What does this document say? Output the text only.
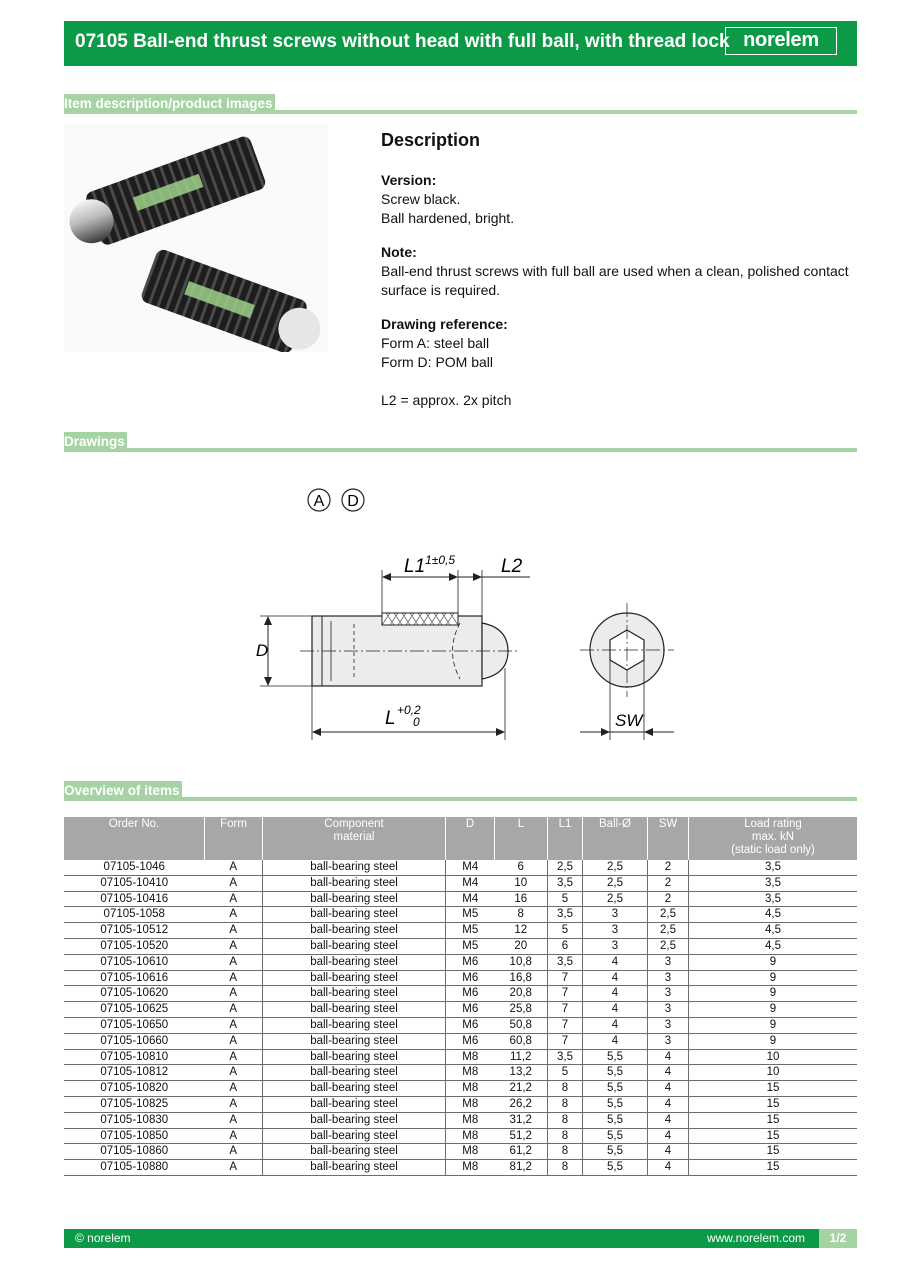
07105 Ball-end thrust screws without head with full ball, with thread lock norelem
Item description/product images
Description

Version:
Screw black.
Ball hardened, bright.

Note:
Ball-end thrust screws with full ball are used when a clean, polished contact surface is required.

Drawing reference:
Form A: steel ball
Form D: POM ball

L2 = approx. 2x pitch

Drawings
A D
D
$L1^{1\pm 0,5}$ L2
L +0,2
0	SW
Overview of items
Order No.	Form	Component
material	D	L	L1	Ball-Ø	SW	Load rating
max. kN
(static load only)
07105-1046	A	ball-bearing steel	M4	6	2,5	2,5	2	3,5
07105-10410	A	ball-bearing steel	M4	10	3,5	2,5	2	3,5
07105-10416	A	ball-bearing steel	M4	16	5	2,5	2	3,5
07105-1058	A	ball-bearing steel	M5	8	3,5	3	2,5	4,5
07105-10512	A	ball-bearing steel	M5	12	5	3	2,5	4,5
07105-10520	A	ball-bearing steel	M5	20	6	3	2,5	4,5
07105-10610	A	ball-bearing steel	M6	10,8	3,5	4	3	9
07105-10616	A	ball-bearing steel	M6	16,8	7	4	3	9
07105-10620	A	ball-bearing steel	M6	20,8	7	4	3	9
07105-10625	A	ball-bearing steel	M6	25,8	7	4	3	9
07105-10650	A	ball-bearing steel	M6	50,8	7	4	3	9
07105-10660	A	ball-bearing steel	M6	60,8	7	4	3	9
07105-10810	A	ball-bearing steel	M8	11,2	3,5	5,5	4	10
07105-10812	A	ball-bearing steel	M8	13,2	5	5,5	4	10
07105-10820	A	ball-bearing steel	M8	21,2	8	5,5	4	15
07105-10825	A	ball-bearing steel	M8	26,2	8	5,5	4	15
07105-10830	A	ball-bearing steel	M8	31,2	8	5,5	4	15
07105-10850	A	ball-bearing steel	M8	51,2	8	5,5	4	15
07105-10860	A	ball-bearing steel	M8	61,2	8	5,5	4	15
07105-10880	A	ball-bearing steel	M8	81,2	8	5,5	4	15
© norelem	www.norelem.com	1/2
